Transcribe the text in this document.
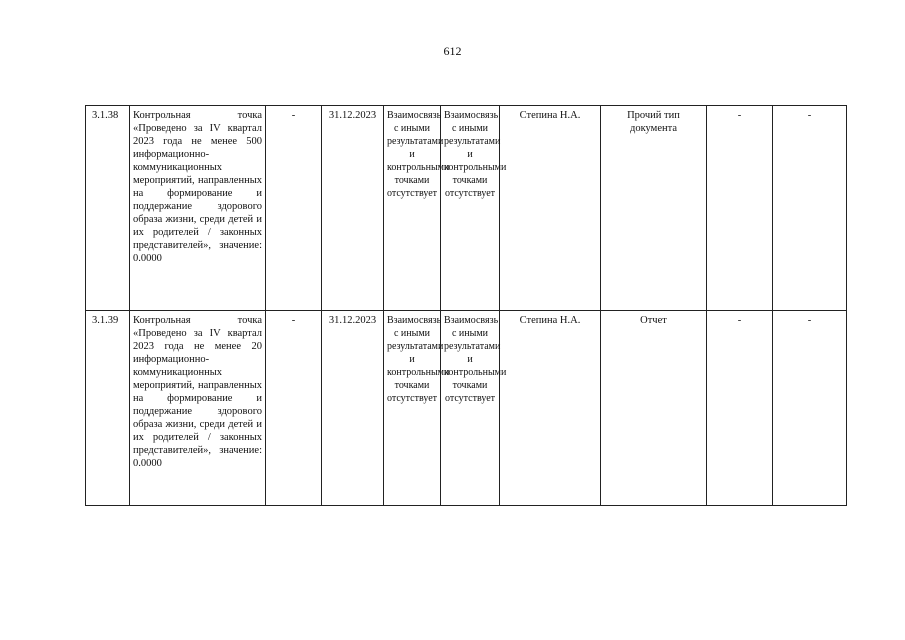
612
3.1.38	Контрольная точка «Проведено за IV квартал 2023 года не менее 500 информационно-коммуникационных мероприятий, направленных на формирование и поддержание здорового образа жизни, среди детей и их родителей / законных представителей», значение: 0.0000	-	31.12.2023	Взаимосвязь с иными результатами и контрольными точками отсутствует	Взаимосвязь с иными результатами и контрольными точками отсутствует	Степина Н.А.	Прочий тип документа	-	-
3.1.39	Контрольная точка «Проведено за IV квартал 2023 года не менее 20 информационно-коммуникационных мероприятий, направленных на формирование и поддержание здорового образа жизни, среди детей и их родителей / законных представителей», значение: 0.0000	-	31.12.2023	Взаимосвязь с иными результатами и контрольными точками отсутствует	Взаимосвязь с иными результатами и контрольными точками отсутствует	Степина Н.А.	Отчет	-	-
